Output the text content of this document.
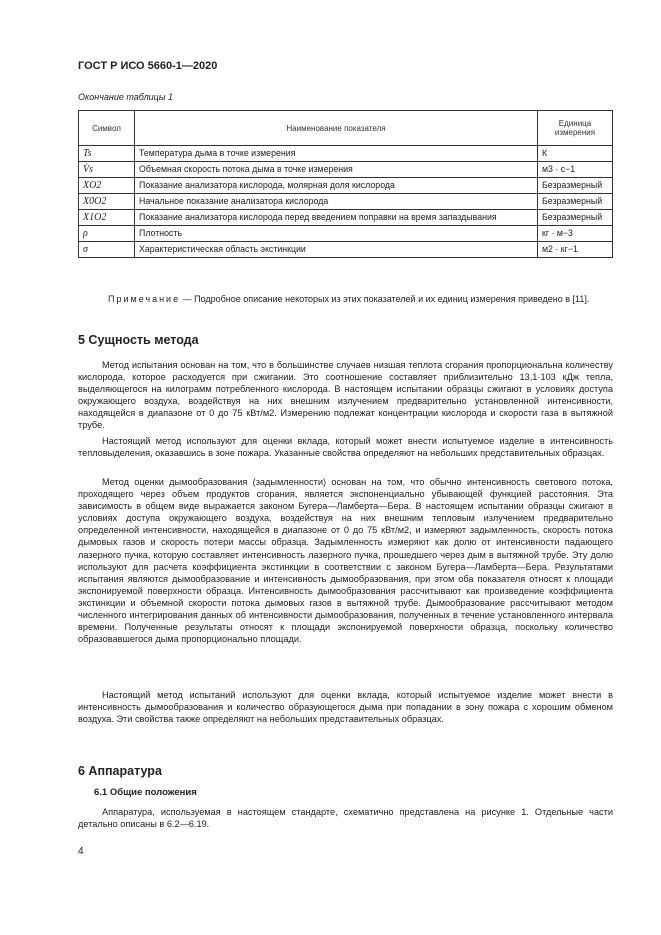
ГОСТ Р ИСО 5660-1—2020
Окончание таблицы 1
Символ	Наименование показателя	Единица измерения
Ts	Температура дыма в точке измерения	К
V̇s	Объемная скорость потока дыма в точке измерения	м3 · с−1
XO2	Показание анализатора кислорода, молярная доля кислорода	Безразмерный
X0O2	Начальное показание анализатора кислорода	Безразмерный
X1O2	Показание анализатора кислорода перед введением поправки на время запаздывания	Безразмерный
ρ	Плотность	кг · м−3
σ	Характеристическая область экстинкции	м2 · кг−1
Примечание — Подробное описание некоторых из этих показателей и их единиц измерения приведено в [11].
5 Сущность метода

Метод испытания основан на том, что в большинстве случаев низшая теплота сгорания пропорциональна количеству кислорода, которое расходуется при сжигании. Это соотношение составляет приблизительно 13,1·103 кДж тепла, выделяющегося на килограмм потребленного кислорода. В настоящем испытании образцы сжигают в условиях доступа окружающего воздуха, воздействуя на них внешним излучением предварительно установленной интенсивности, находящейся в диапазоне от 0 до 75 кВт/м2. Измерению подлежат концентрации кислорода и скорости газа в вытяжной трубе.

Настоящий метод используют для оценки вклада, который может внести испытуемое изделие в интенсивность тепловыделения, оказавшись в зоне пожара. Указанные свойства определяют на небольших представительных образцах.

Метод оценки дымообразования (задымленности) основан на том, что обычно интенсивность светового потока, проходящего через объем продуктов сгорания, является экспоненциально убывающей функцией расстояния. Эта зависимость в общем виде выражается законом Бугера—Ламберта—Бера. В настоящем испытании образцы сжигают в условиях доступа окружающего воздуха, воздействуя на них внешним тепловым излучением предварительно определенной интенсивности, находящейся в диапазоне от 0 до 75 кВт/м2, и измеряют задымленность, скорость потока дымовых газов и скорость потери массы образца. Задымленность измеряют как долю от интенсивности падающего лазерного пучка, которую составляет интенсивность лазерного пучка, прошедшего через дым в вытяжной трубе. Эту долю используют для расчета коэффициента экстинкции в соответствии с законом Бугера—Ламберта—Бера. Результатами испытания являются дымообразование и интенсивность дымообразования, при этом оба показателя относят к площади экспонируемой поверхности образца. Интенсивность дымообразования рассчитывают как произведение коэффициента экстинкции и объемной скорости потока дымовых газов в вытяжной трубе. Дымообразование рассчитывают методом численного интегрирования данных об интенсивности дымообразования, полученных в течение установленного интервала времени. Полученные результаты относят к площади экспонируемой поверхности образца, поскольку количество образовавшегося дыма пропорционально площади.

Настоящий метод испытаний используют для оценки вклада, который испытуемое изделие может внести в интенсивность дымообразования и количество образующегося дыма при попадании в зону пожара с хорошим обменом воздуха. Эти свойства также определяют на небольших представительных образцах.

6 Аппаратура
6.1 Общие положения

Аппаратура, используемая в настоящем стандарте, схематично представлена на рисунке 1. Отдельные части детально описаны в 6.2—6.19.

4
